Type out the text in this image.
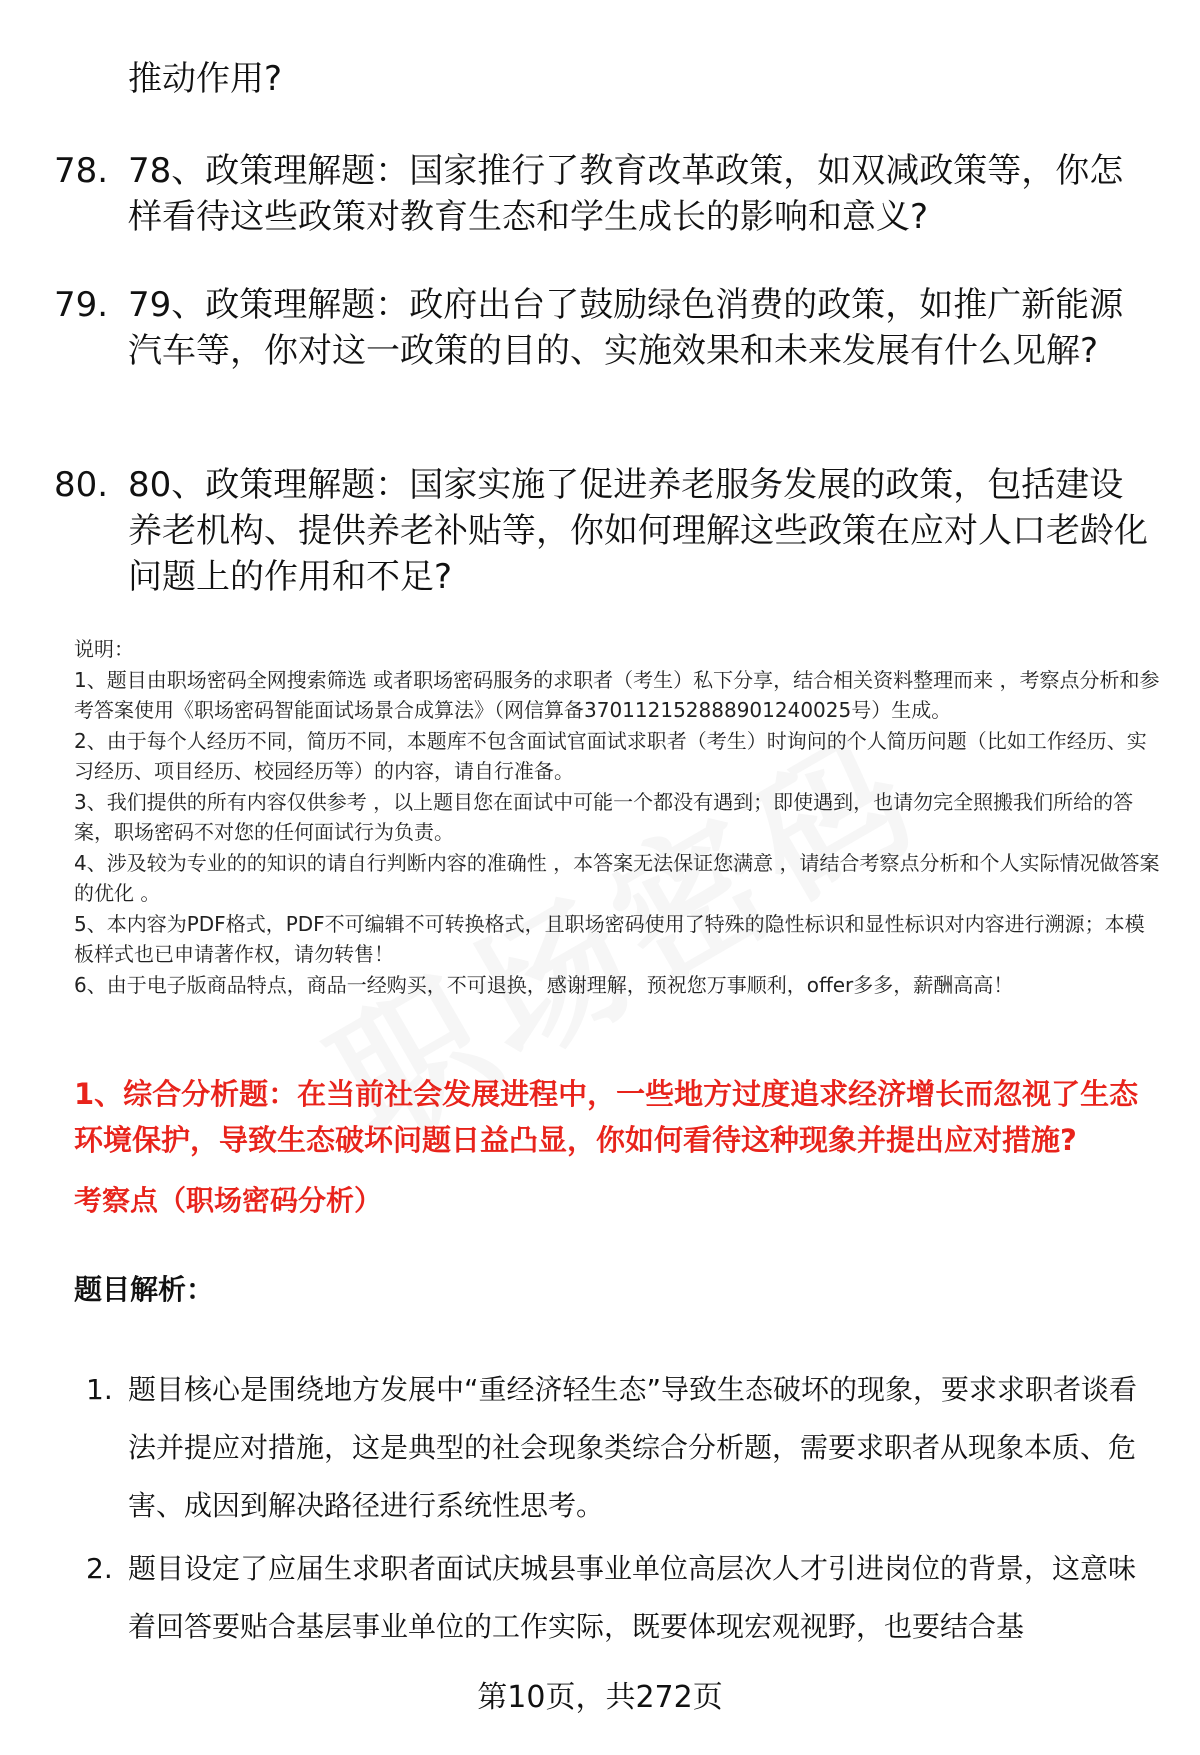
推动作用?
78. 78、政策理解题：国家推行了教育改革政策，如双减政策等，你怎样看待这些政策对教育生态和学生成长的影响和意义?
79. 79、政策理解题：政府出台了鼓励绿色消费的政策，如推广新能源汽车等，你对这一政策的目的、实施效果和未来发展有什么见解?
80. 80、政策理解题：国家实施了促进养老服务发展的政策，包括建设养老机构、提供养老补贴等，你如何理解这些政策在应对人口老龄化问题上的作用和不足?

说明：

1、题目由职场密码全网搜索筛选 或者职场密码服务的求职者（考生）私下分享，结合相关资料整理而来 ，考察点分析和参考答案使用《职场密码智能面试场景合成算法》（网信算备370112152888901240025号）生成。

2、由于每个人经历不同，简历不同，本题库不包含面试官面试求职者（考生）时询问的个人简历问题（比如工作经历、实习经历、项目经历、校园经历等）的内容，请自行准备。

3、我们提供的所有内容仅供参考 ，以上题目您在面试中可能一个都没有遇到；即使遇到，也请勿完全照搬我们所给的答案，职场密码不对您的任何面试行为负责。

4、涉及较为专业的的知识的请自行判断内容的准确性 ，本答案无法保证您满意 ，请结合考察点分析和个人实际情况做答案的优化 。

5、本内容为PDF格式，PDF不可编辑不可转换格式，且职场密码使用了特殊的隐性标识和显性标识对内容进行溯源；本模板样式也已申请著作权，请勿转售！

6、由于电子版商品特点，商品一经购买，不可退换，感谢理解，预祝您万事顺利，offer多多，薪酬高高！

1、综合分析题：在当前社会发展进程中，一些地方过度追求经济增长而忽视了生态环境保护，导致生态破坏问题日益凸显，你如何看待这种现象并提出应对措施?
考察点（职场密码分析）
题目解析：
1. 题目核心是围绕地方发展中“重经济轻生态”导致生态破坏的现象，要求求职者谈看法并提应对措施，这是典型的社会现象类综合分析题，需要求职者从现象本质、危害、成因到解决路径进行系统性思考。
2. 题目设定了应届生求职者面试庆城县事业单位高层次人才引进岗位的背景，这意味着回答要贴合基层事业单位的工作实际，既要体现宏观视野，也要结合基
第10页，共272页
